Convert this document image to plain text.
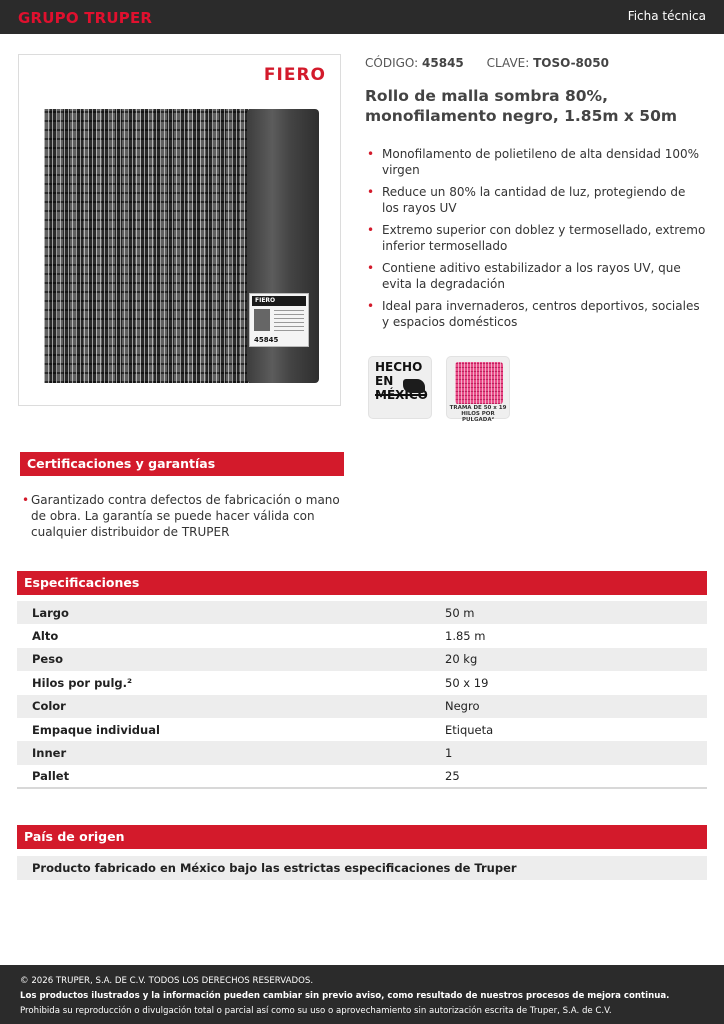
GRUPO TRUPER	Ficha técnica
FIERO
FIERO
45845
CÓDIGO: 45845 CLAVE: TOSO-8050
Rollo de malla sombra 80%, monofilamento negro, 1.85m x 50m
• Monofilamento de polietileno de alta densidad 100% virgen
• Reduce un 80% la cantidad de luz, protegiendo de los rayos UV
• Extremo superior con doblez y termosellado, extremo inferior termosellado
• Contiene aditivo estabilizador a los rayos UV, que evita la degradación
• Ideal para invernaderos, centros deportivos, sociales y espacios domésticos
HECHO
EN

TRAMA DE 50 x 19
HILOS POR PULGADA²
Certificaciones y garantías

• Garantizado contra defectos de fabricación o mano de obra. La garantía se puede hacer válida con cualquier distribuidor de TRUPER

Especificaciones
Largo	50 m
Alto	1.85 m
Peso	20 kg
Hilos por pulg.²	50 x 19
Color	Negro
Empaque individual	Etiqueta
Inner	1
Pallet	25
País de origen
Producto fabricado en México bajo las estrictas especificaciones de Truper
© 2026 TRUPER, S.A. DE C.V. TODOS LOS DERECHOS RESERVADOS.
Los productos ilustrados y la información pueden cambiar sin previo aviso, como resultado de nuestros procesos de mejora continua.
Prohibida su reproducción o divulgación total o parcial así como su uso o aprovechamiento sin autorización escrita de Truper, S.A. de C.V.
